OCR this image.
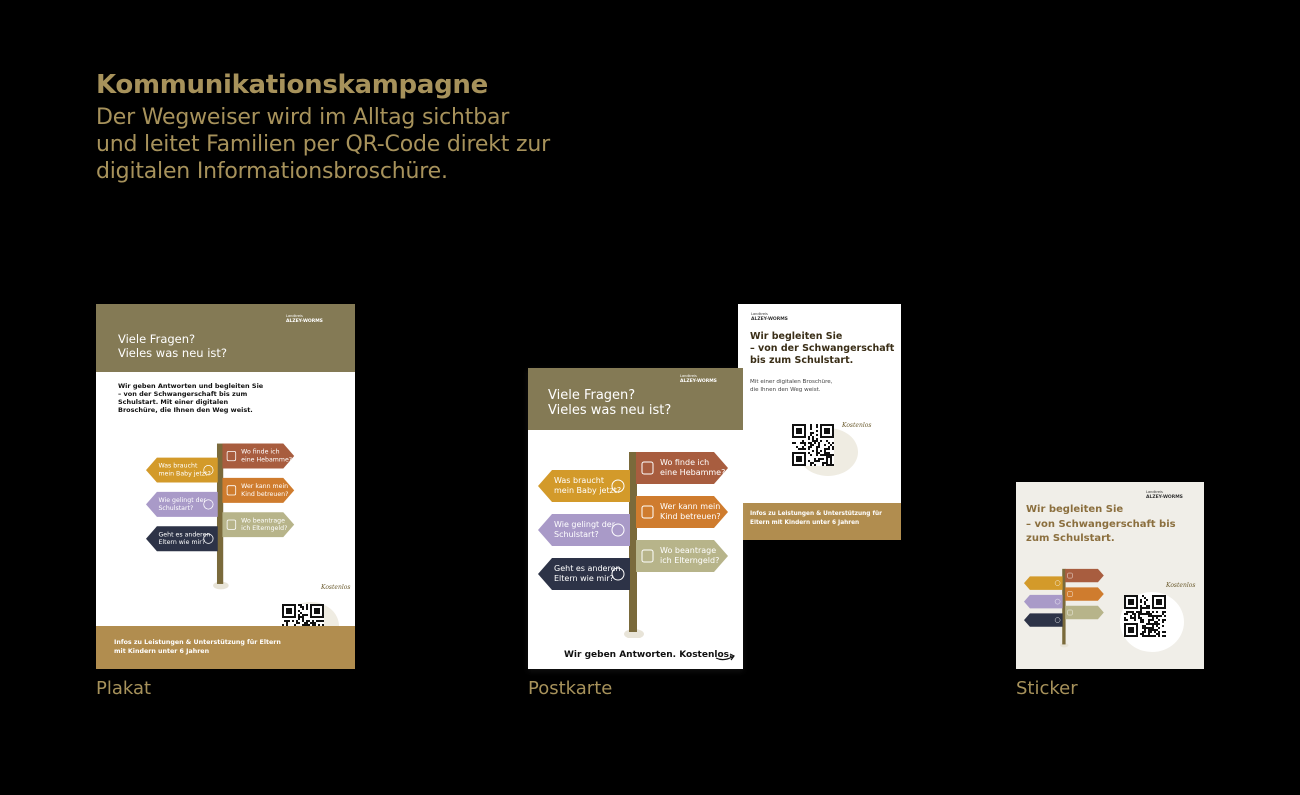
Kommunikationskampagne
Der Wegweiser wird im Alltag sichtbar
und leitet Familien per QR-Code direkt zur
digitalen Informationsbroschüre.
Landkreis
ALZEY-WORMS
Viele Fragen?
Vieles was neu ist?
Wir geben Antworten und begleiten Sie – von der Schwangerschaft bis zum Schulstart. Mit einer digitalen Broschüre, die Ihnen den Weg weist.
Was braucht
mein Baby jetzt?
Wo finde ich
eine Hebamme?
Wie gelingt der
Schulstart?
Wer kann mein
Kind betreuen?
Geht es anderen
Eltern wie mir?
Wo beantrage
ich Elterngeld?
Kostenlos
Infos zu Leistungen & Unterstützung für Eltern mit Kindern unter 6 Jahren
Plakat
Landkreis
ALZEY-WORMS
Wir begleiten Sie
– von der Schwangerschaft
bis zum Schulstart.
Mit einer digitalen Broschüre,
die Ihnen den Weg weist.
Kostenlos
Infos zu Leistungen & Unterstützung für Eltern mit Kindern unter 6 Jahren
Landkreis
ALZEY-WORMS
Viele Fragen?
Vieles was neu ist?
Was braucht
mein Baby jetzt?
Wo finde ich
eine Hebamme?
Wie gelingt der
Schulstart?
Wer kann mein
Kind betreuen?
Geht es anderen
Eltern wie mir?
Wo beantrage
ich Elterngeld?
Wir geben Antworten. Kostenlos.
Postkarte
Landkreis
ALZEY-WORMS
Wir begleiten Sie
– von Schwangerschaft bis
zum Schulstart.
Kostenlos
Sticker
